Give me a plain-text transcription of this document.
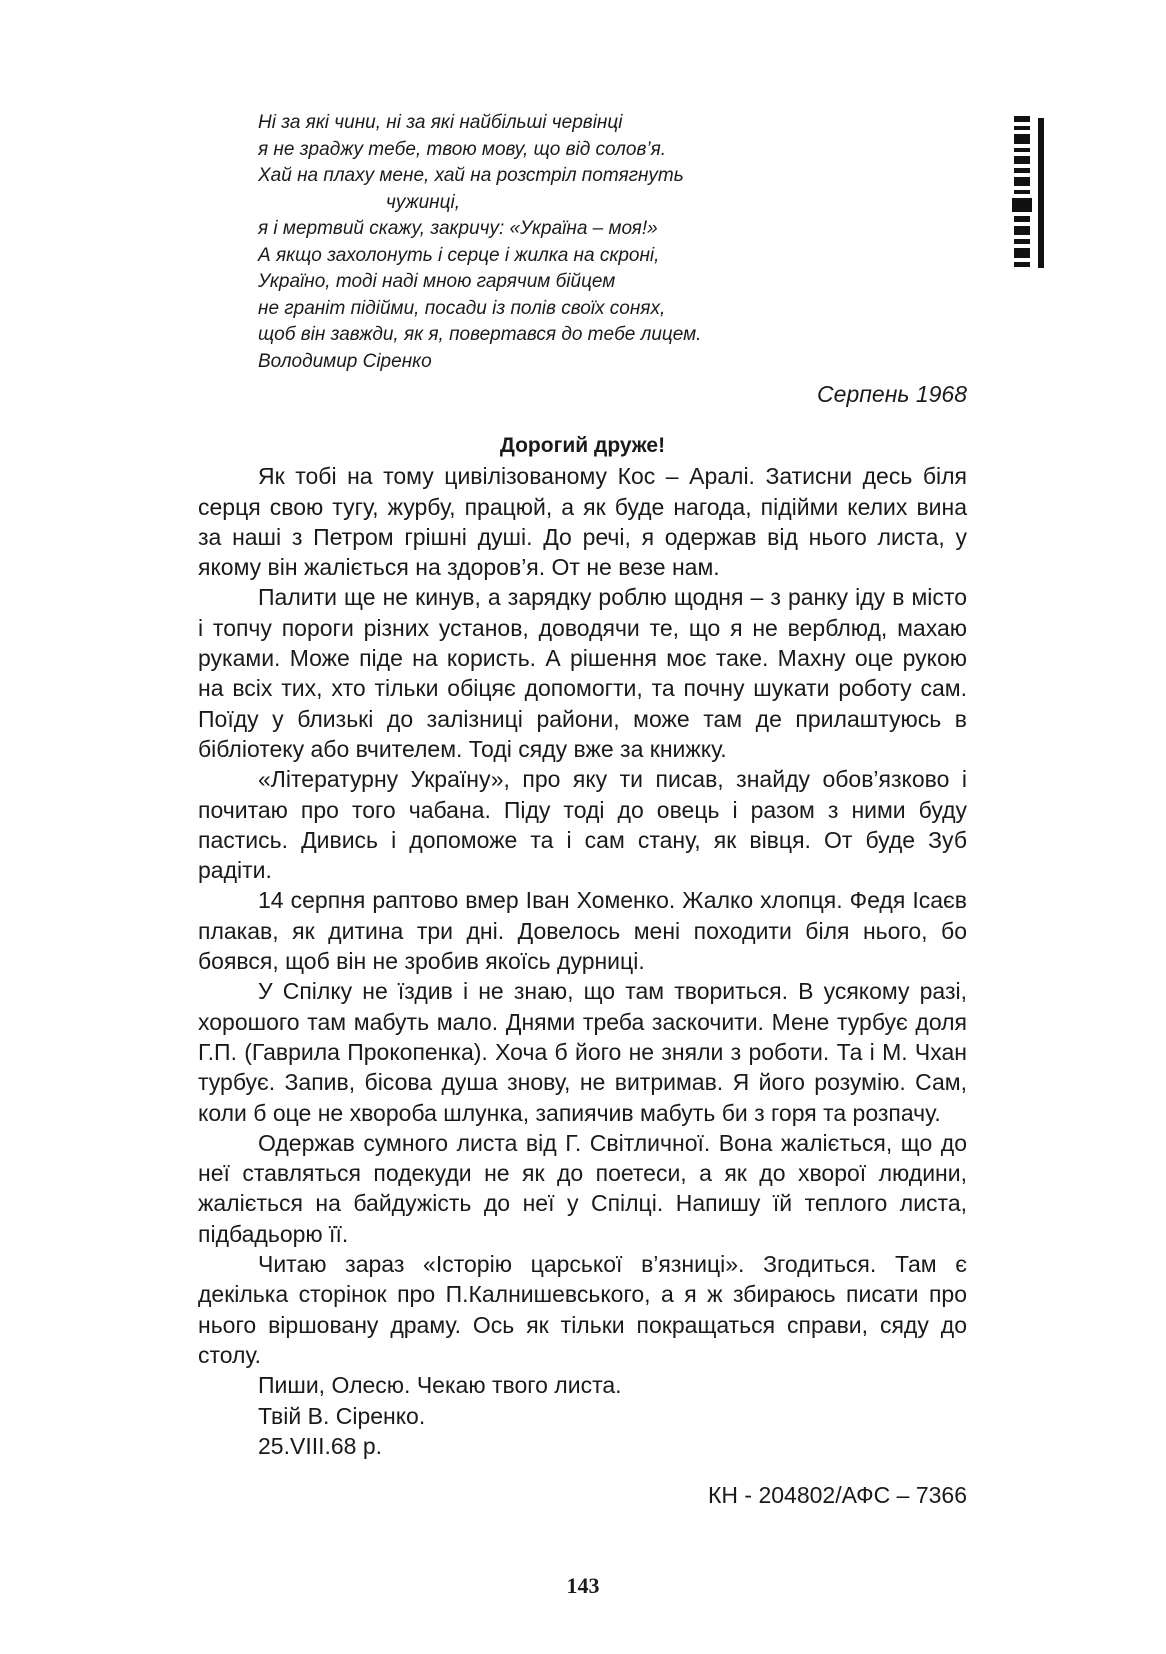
Ні за які чини, ні за які найбільші червінці
я не зраджу тебе, твою мову, що від солов’я.
Хай на плаху мене, хай на розстріл потягнуть
чужинці,
я і мертвий скажу, закричу: «Україна – моя!»
А якщо захолонуть і серце і жилка на скроні,
Україно, тоді наді мною гарячим бійцем
не граніт підійми, посади із полів своїх сонях,
щоб він завжди, як я, повертався до тебе лицем.
Володимир Сіренко
Серпень 1968

Дорогий друже!

Як тобі на тому цивілізованому Кос – Аралі. Затисни десь біля серця свою тугу, журбу, працюй, а як буде нагода, підійми келих вина за наші з Петром грішні душі. До речі, я одержав від нього листа, у якому він жаліється на здоров’я. От не везе нам.

Палити ще не кинув, а зарядку роблю щодня – з ранку іду в місто і топчу пороги різних установ, доводячи те, що я не верблюд, махаю руками. Може піде на користь. А рішення моє таке. Махну оце рукою на всіх тих, хто тільки обіцяє допомогти, та почну шукати роботу сам. Поїду у близькі до залізниці райони, може там де прилаштуюсь в бібліотеку або вчителем. Тоді сяду вже за книжку.

«Літературну Україну», про яку ти писав, знайду обов’язково і почитаю про того чабана. Піду тоді до овець і разом з ними буду пастись. Дивись і допоможе та і сам стану, як вівця. От буде Зуб радіти.

14 серпня раптово вмер Іван Хоменко. Жалко хлопця. Федя Ісаєв плакав, як дитина три дні. Довелось мені походити біля нього, бо боявся, щоб він не зробив якоїсь дурниці.

У Спілку не їздив і не знаю, що там твориться. В усякому разі, хорошого там мабуть мало. Днями треба заскочити. Мене турбує доля Г.П. (Гаврила Прокопенка). Хоча б його не зняли з роботи. Та і М. Чхан турбує. Запив, бісова душа знову, не витримав. Я його розумію. Сам, коли б оце не хвороба шлунка, запиячив мабуть би з горя та розпачу.

Одержав сумного листа від Г. Світличної. Вона жаліється, що до неї ставляться подекуди не як до поетеси, а як до хворої людини, жаліється на байдужість до неї у Спілці. Напишу їй теплого листа, підбадьорю її.

Читаю зараз «Історію царської в’язниці». Згодиться. Там є декілька сторінок про П.Калнишевського, а я ж збираюсь писати про нього віршовану драму. Ось як тільки покращаться справи, сяду до столу.

Пиши, Олесю. Чекаю твого листа.

Твій В. Сіренко.

25.VIII.68 р.

КН - 204802/АФС – 7366
143
